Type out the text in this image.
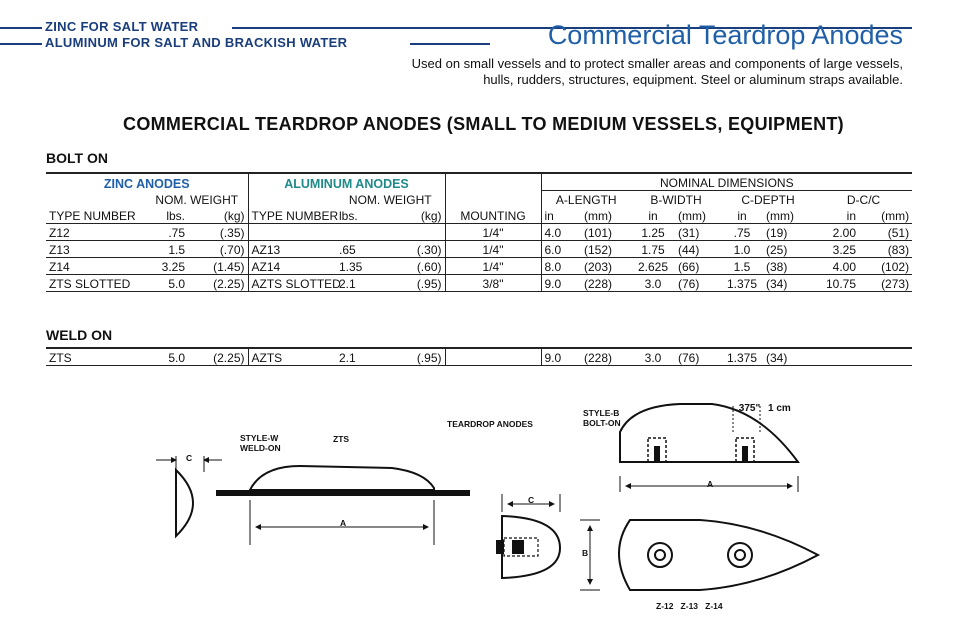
ZINC FOR SALT WATER
ALUMINUM FOR SALT AND BRACKISH WATER	Commercial Teardrop Anodes
Used on small vessels and to protect smaller areas and components of large vessels,
hulls, rudders, structures, equipment. Steel or aluminum straps available.
COMMERCIAL TEARDROP ANODES (SMALL TO MEDIUM VESSELS, EQUIPMENT)
BOLT ON
ZINC ANODES			ALUMINUM ANODES				NOMINAL DIMENSIONS							
	NOM. WEIGHT			NOM. WEIGHT			A-LENGTH		B-WIDTH		C-DEPTH		D-C/C	
TYPE NUMBER	lbs.	(kg)	TYPE NUMBER	lbs.	(kg)	MOUNTING	in	(mm)	in	(mm)	in	(mm)	in	(mm)
Z12	.75	(.35)				1/4"	4.0	(101)	1.25	(31)	.75	(19)	2.00	(51)
Z13	1.5	(.70)	AZ13	.65	(.30)	1/4"	6.0	(152)	1.75	(44)	1.0	(25)	3.25	(83)
Z14	3.25	(1.45)	AZ14	1.35	(.60)	1/4"	8.0	(203)	2.625	(66)	1.5	(38)	4.00	(102)
ZTS SLOTTED	5.0	(2.25)	AZTS SLOTTED	2.1	(.95)	3/8"	9.0	(228)	3.0	(76)	1.375	(34)	10.75	(273)
WELD ON
ZTS	5.0	(2.25)	AZTS	2.1	(.95)		9.0	(228)	3.0	(76)	1.375	(34)		
C
STYLE-W
WELD-ON
ZTS
A
TEARDROP ANODES
STYLE-B
BOLT-ON
.375" 1 cm
A
C
B
Z-12   Z-13   Z-14
